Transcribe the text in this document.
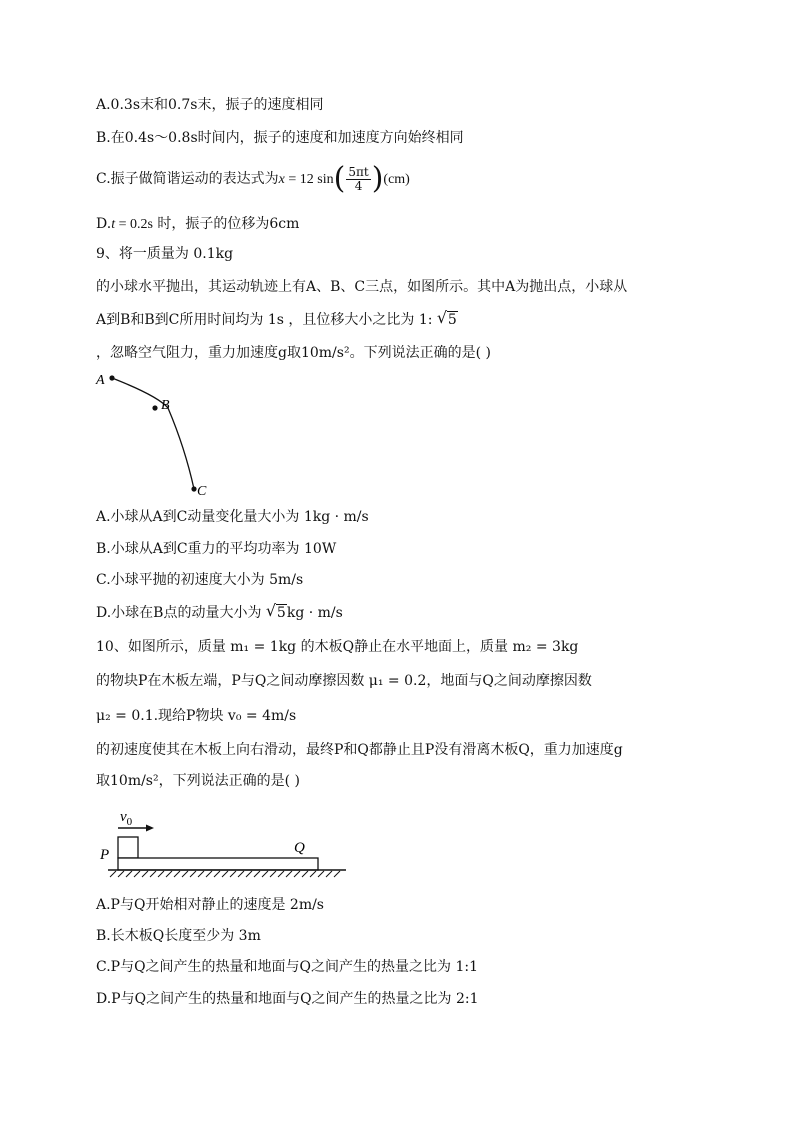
A.0.3s末和0.7s末，振子的速度相同
B.在0.4s～0.8s时间内，振子的速度和加速度方向始终相同
C.振子做简谐运动的表达式为x = 12 $\sin( \frac{5\pi t}{4} )(cm)$
D.t = 0.2s 时，振子的位移为6cm
9、将一质量为 0.1kg
的小球水平抛出，其运动轨迹上有A、B、C三点，如图所示。其中A为抛出点，小球从
A到B和B到C所用时间均为 1s ，且位移大小之比为 1: √ 5
，忽略空气阻力，重力加速度g取10m/s²。下列说法正确的是( )
A
B
C
A.小球从A到C动量变化量大小为 1kg · m/s
B.小球从A到C重力的平均功率为 10W
C.小球平抛的初速度大小为 5m/s
D.小球在B点的动量大小为 √ 5kg · m/s
10、如图所示，质量 m₁ = 1kg 的木板Q静止在水平地面上，质量 m₂ = 3kg
的物块P在木板左端，P与Q之间动摩擦因数 μ₁ = 0.2，地面与Q之间动摩擦因数
μ₂ = 0.1.现给P物块 v₀ = 4m/s
的初速度使其在木板上向右滑动，最终P和Q都静止且P没有滑离木板Q，重力加速度g
取10m/s²，下列说法正确的是( )
$v_0$
P	Q
A.P与Q开始相对静止的速度是 2m/s
B.长木板Q长度至少为 3m
C.P与Q之间产生的热量和地面与Q之间产生的热量之比为 1:1
D.P与Q之间产生的热量和地面与Q之间产生的热量之比为 2:1
